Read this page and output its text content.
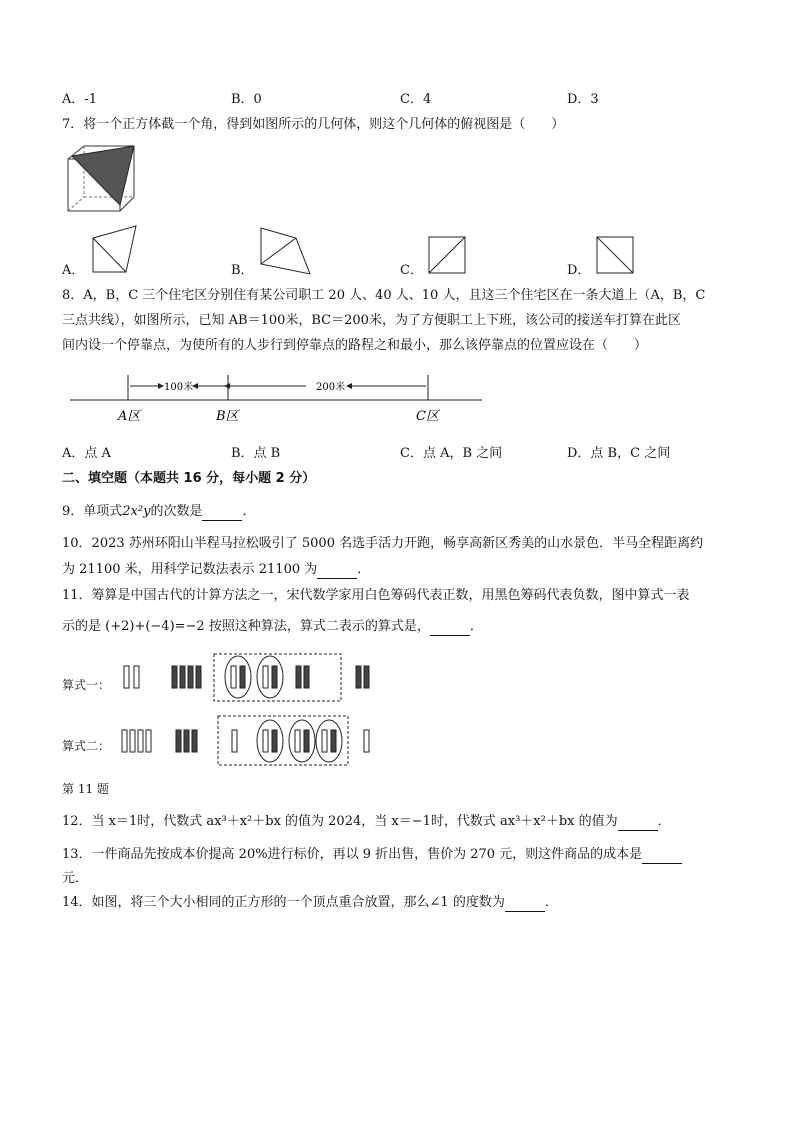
A．-1	B．0	C．4	D．3
7．将一个正方体截一个角，得到如图所示的几何体，则这个几何体的俯视图是（　　）
A．	B．	C．	D．
8．A，B，C 三个住宅区分别住有某公司职工 20 人、40 人、10 人，且这三个住宅区在一条大道上（A，B，C
三点共线），如图所示，已知 AB＝100米，BC＝200米，为了方便职工上下班，该公司的接送车打算在此区
间内设一个停靠点，为使所有的人步行到停靠点的路程之和最小，那么该停靠点的位置应设在（　　）
100米	200米
A区	B区	C区
A．点 A	B．点 B	C．点 A，B 之间	D．点 B，C 之间
二、填空题（本题共 16 分，每小题 2 分）
9．单项式2x²y的次数是	．
10．2023 苏州环阳山半程马拉松吸引了 5000 名选手活力开跑，畅享高新区秀美的山水景色．半马全程距离约
为 21100 米，用科学记数法表示 21100 为	．
11．筹算是中国古代的计算方法之一，宋代数学家用白色筹码代表正数，用黑色筹码代表负数，图中算式一表
示的是 (+2)+(−4)=−2 按照这种算法，算式二表示的算式是，	．
算式一：
算式二：
第 11 题
12．当 x＝1时，代数式 ax³＋x²＋bx 的值为 2024，当 x＝−1时，代数式 ax³＋x²＋bx 的值为	．
13．一件商品先按成本价提高 20%进行标价，再以 9 折出售，售价为 270 元，则这件商品的成本是
元．
14．如图，将三个大小相同的正方形的一个顶点重合放置，那么∠1 的度数为	．
